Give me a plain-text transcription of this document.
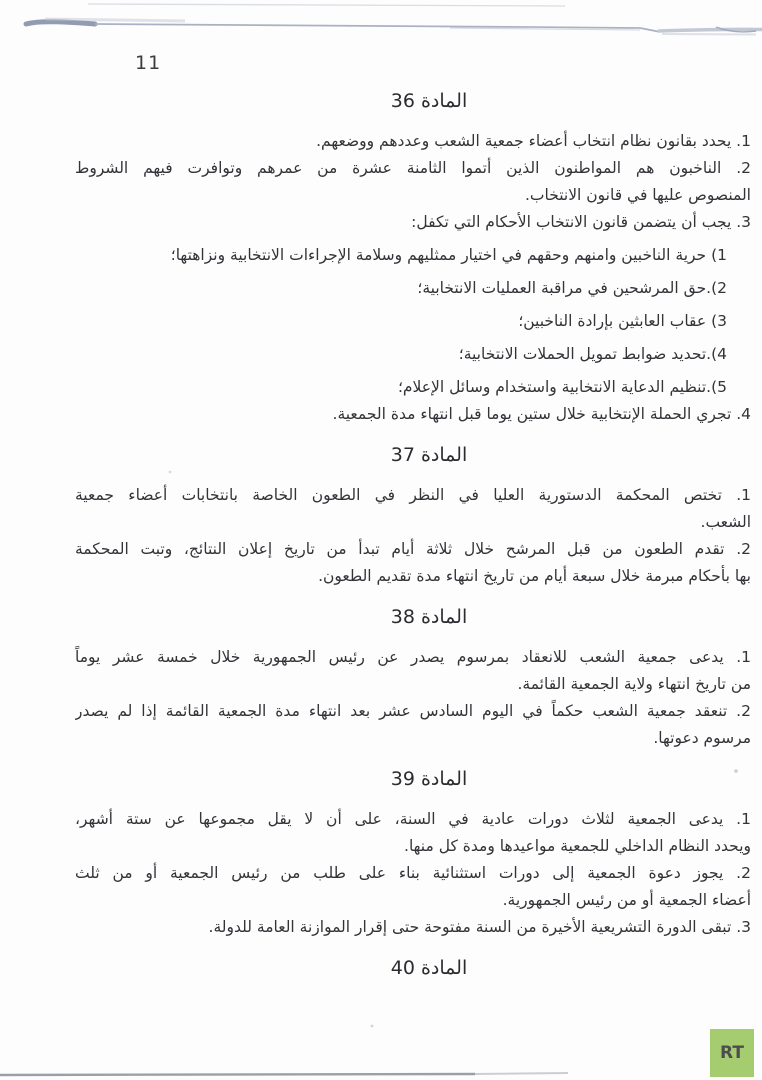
11
المادة 36
1. يحدد بقانون نظام انتخاب أعضاء جمعية الشعب وعددهم ووضعهم.
2. الناخبون هم المواطنون الذين أتموا الثامنة عشرة من عمرهم وتوافرت فيهم الشروط
المنصوص عليها في قانون الانتخاب.
3. يجب أن يتضمن قانون الانتخاب الأحكام التي تكفل:
1) حرية الناخبين وامنهم وحقهم في اختيار ممثليهم وسلامة الإجراءات الانتخابية ونزاهتها؛
2).حق المرشحين في مراقبة العمليات الانتخابية؛
3) عقاب العابثين بإرادة الناخبين؛
4).تحديد ضوابط تمويل الحملات الانتخابية؛
5).تنظيم الدعاية الانتخابية واستخدام وسائل الإعلام؛
4. تجري الحملة الإنتخابية خلال ستين يوما قبل انتهاء مدة الجمعية.
المادة 37
1. تختص المحكمة الدستورية العليا في النظر في الطعون الخاصة بانتخابات أعضاء جمعية
الشعب.
2. تقدم الطعون من قبل المرشح خلال ثلاثة أيام تبدأ من تاريخ إعلان النتائج، وتبت المحكمة
بها بأحكام مبرمة خلال سبعة أيام من تاريخ انتهاء مدة تقديم الطعون.
المادة 38
1. يدعى جمعية الشعب للانعقاد بمرسوم يصدر عن رئيس الجمهورية خلال خمسة عشر يوماً
من تاريخ انتهاء ولاية الجمعية القائمة.
2. تنعقد جمعية الشعب حكماً في اليوم السادس عشر بعد انتهاء مدة الجمعية القائمة إذا لم يصدر
مرسوم دعوتها.
المادة 39
1. يدعى الجمعية لثلاث دورات عادية في السنة، على أن لا يقل مجموعها عن ستة أشهر،
ويحدد النظام الداخلي للجمعية مواعيدها ومدة كل منها.
2. يجوز دعوة الجمعية إلى دورات استثنائية بناء على طلب من رئيس الجمعية أو من ثلث
أعضاء الجمعية أو من رئيس الجمهورية.
3. تبقى الدورة التشريعية الأخيرة من السنة مفتوحة حتى إقرار الموازنة العامة للدولة.
المادة 40
RT
